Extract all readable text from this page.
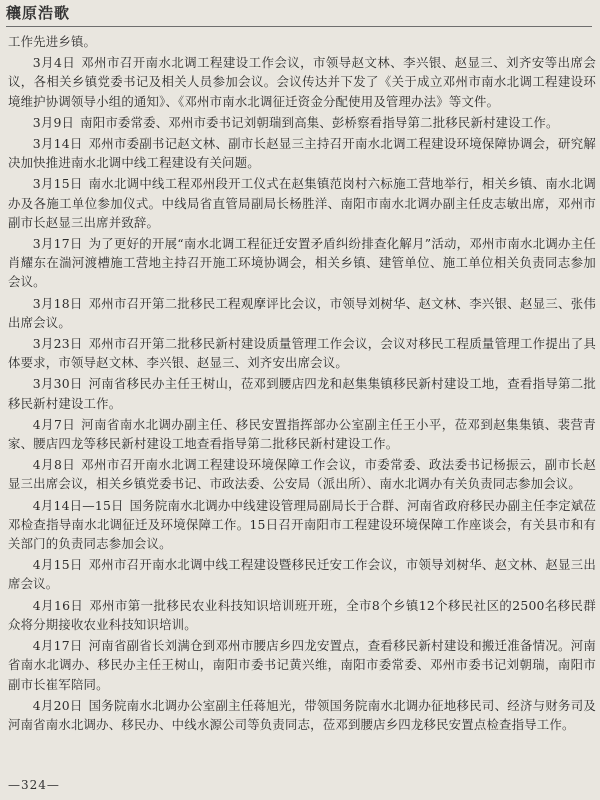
穰原浩歌

工作先进乡镇。

3月4日 邓州市召开南水北调工程建设工作会议，市领导赵文林、李兴银、赵显三、刘齐安等出席会议，各相关乡镇党委书记及相关人员参加会议。会议传达并下发了《关于成立邓州市南水北调工程建设环境维护协调领导小组的通知》、《邓州市南水北调征迁资金分配使用及管理办法》等文件。

3月9日 南阳市委常委、邓州市委书记刘朝瑞到高集、彭桥察看指导第二批移民新村建设工作。

3月14日 邓州市委副书记赵文林、副市长赵显三主持召开南水北调工程建设环境保障协调会，研究解决加快推进南水北调中线工程建设有关问题。

3月15日 南水北调中线工程邓州段开工仪式在赵集镇范岗村六标施工营地举行，相关乡镇、南水北调办及各施工单位参加仪式。中线局省直管局副局长杨胜洋、南阳市南水北调办副主任皮志敏出席，邓州市副市长赵显三出席并致辞。

3月17日 为了更好的开展“南水北调工程征迁安置矛盾纠纷排查化解月”活动，邓州市南水北调办主任肖耀东在湍河渡槽施工营地主持召开施工环境协调会，相关乡镇、建管单位、施工单位相关负责同志参加会议。

3月18日 邓州市召开第二批移民工程观摩评比会议，市领导刘树华、赵文林、李兴银、赵显三、张伟出席会议。

3月23日 邓州市召开第二批移民新村建设质量管理工作会议，会议对移民工程质量管理工作提出了具体要求，市领导赵文林、李兴银、赵显三、刘齐安出席会议。

3月30日 河南省移民办主任王树山，莅邓到腰店四龙和赵集集镇移民新村建设工地，查看指导第二批移民新村建设工作。

4月7日 河南省南水北调办副主任、移民安置指挥部办公室副主任王小平，莅邓到赵集集镇、裴营青家、腰店四龙等移民新村建设工地查看指导第二批移民新村建设工作。

4月8日 邓州市召开南水北调工程建设环境保障工作会议，市委常委、政法委书记杨振云，副市长赵显三出席会议，相关乡镇党委书记、市政法委、公安局（派出所）、南水北调办有关负责同志参加会议。

4月14日—15日 国务院南水北调办中线建设管理局副局长于合群、河南省政府移民办副主任李定斌莅邓检查指导南水北调征迁及环境保障工作。15日召开南阳市工程建设环境保障工作座谈会，有关县市和有关部门的负责同志参加会议。

4月15日 邓州市召开南水北调中线工程建设暨移民迁安工作会议，市领导刘树华、赵文林、赵显三出席会议。

4月16日 邓州市第一批移民农业科技知识培训班开班，全市8个乡镇12个移民社区的2500名移民群众将分期接收农业科技知识培训。

4月17日 河南省副省长刘满仓到邓州市腰店乡四龙安置点，查看移民新村建设和搬迁准备情况。河南省南水北调办、移民办主任王树山，南阳市委书记黄兴维，南阳市委常委、邓州市委书记刘朝瑞，南阳市副市长崔军陪同。

4月20日 国务院南水北调办公室副主任蒋旭光，带领国务院南水北调办征地移民司、经济与财务司及河南省南水北调办、移民办、中线水源公司等负责同志，莅邓到腰店乡四龙移民安置点检查指导工作。

—324—
